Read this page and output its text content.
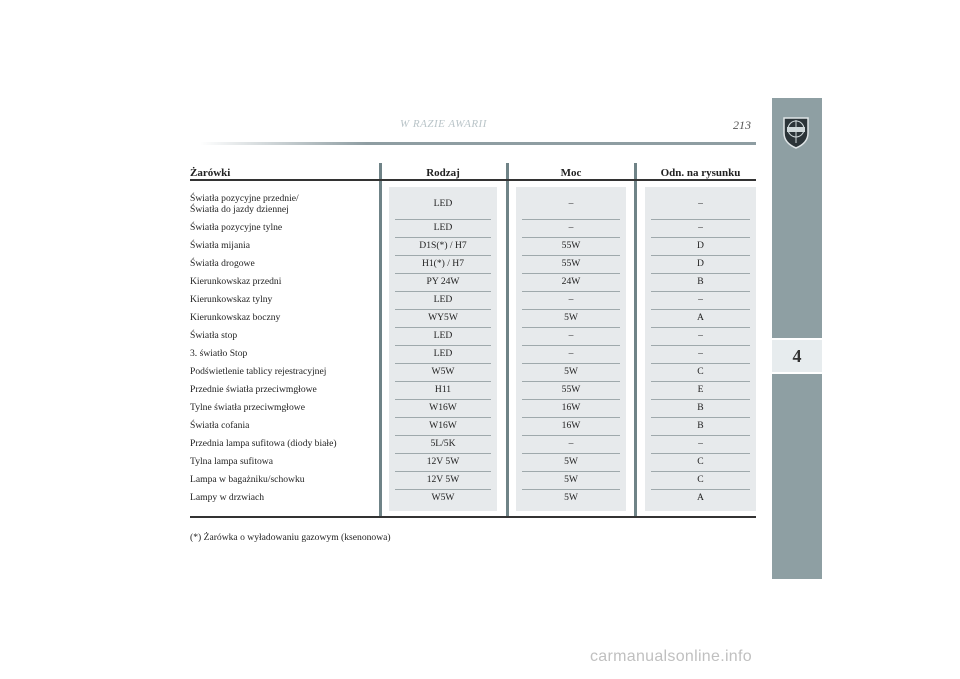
W RAZIE AWARII	213
4
Żarówki	Rodzaj	Moc	Odn. na rysunku
Światła pozycyjne przednie/
Światła do jazdy dziennej
LED	–	–
Światła pozycyjne tylne	LED	–	–
Światła mijania	D1S(*) / H7	55W	D
Światła drogowe	H1(*) / H7	55W	D
Kierunkowskaz przedni	PY 24W	24W	B
Kierunkowskaz tylny	LED	–	–
Kierunkowskaz boczny	WY5W	5W	A
Światła stop	LED	–	–
3. światło Stop	LED	–	–
Podświetlenie tablicy rejestracyjnej	W5W	5W	C
Przednie światła przeciwmgłowe	H11	55W	E
Tylne światła przeciwmgłowe	W16W	16W	B
Światła cofania	W16W	16W	B
Przednia lampa sufitowa (diody białe)	5L/5K	–	–
Tylna lampa sufitowa	12V 5W	5W	C
Lampa w bagażniku/schowku	12V 5W	5W	C
Lampy w drzwiach	W5W	5W	A
(*) Żarówka o wyładowaniu gazowym (ksenonowa)
carmanualsonline.info
